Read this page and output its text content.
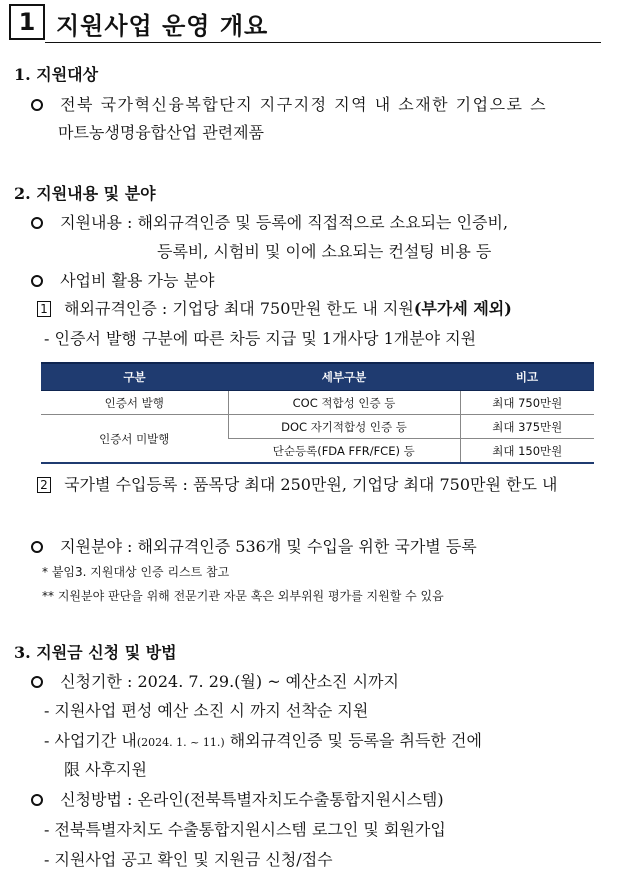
1 지원사업 운영 개요
1. 지원대상
전북 국가혁신융복합단지 지구지정 지역 내 소재한 기업으로 스
마트농생명융합산업 관련제품
2. 지원내용 및 분야
지원내용 : 해외규격인증 및 등록에 직접적으로 소요되는 인증비,
등록비, 시험비 및 이에 소요되는 컨설팅 비용 등
사업비 활용 가능 분야
1 해외규격인증 : 기업당 최대 750만원 한도 내 지원(부가세 제외)
- 인증서 발행 구분에 따른 차등 지급 및 1개사당 1개분야 지원
구분	세부구분	비고
인증서 발행	COC 적합성 인증 등	최대 750만원
인증서 미발행	DOC 자기적합성 인증 등	최대 375만원
	단순등록(FDA FFR/FCE) 등	최대 150만원
2 국가별 수입등록 : 품목당 최대 250만원, 기업당 최대 750만원 한도 내
지원분야 : 해외규격인증 536개 및 수입을 위한 국가별 등록
* 붙임3. 지원대상 인증 리스트 참고
** 지원분야 판단을 위해 전문기관 자문 혹은 외부위원 평가를 지원할 수 있음
3. 지원금 신청 및 방법
신청기한 : 2024. 7. 29.(월) ~ 예산소진 시까지
- 지원사업 편성 예산 소진 시 까지 선착순 지원
- 사업기간 내(2024. 1. ~ 11.) 해외규격인증 및 등록을 취득한 건에
限 사후지원
신청방법 : 온라인(전북특별자치도수출통합지원시스템)
- 전북특별자치도 수출통합지원시스템 로그인 및 회원가입
- 지원사업 공고 확인 및 지원금 신청/접수
